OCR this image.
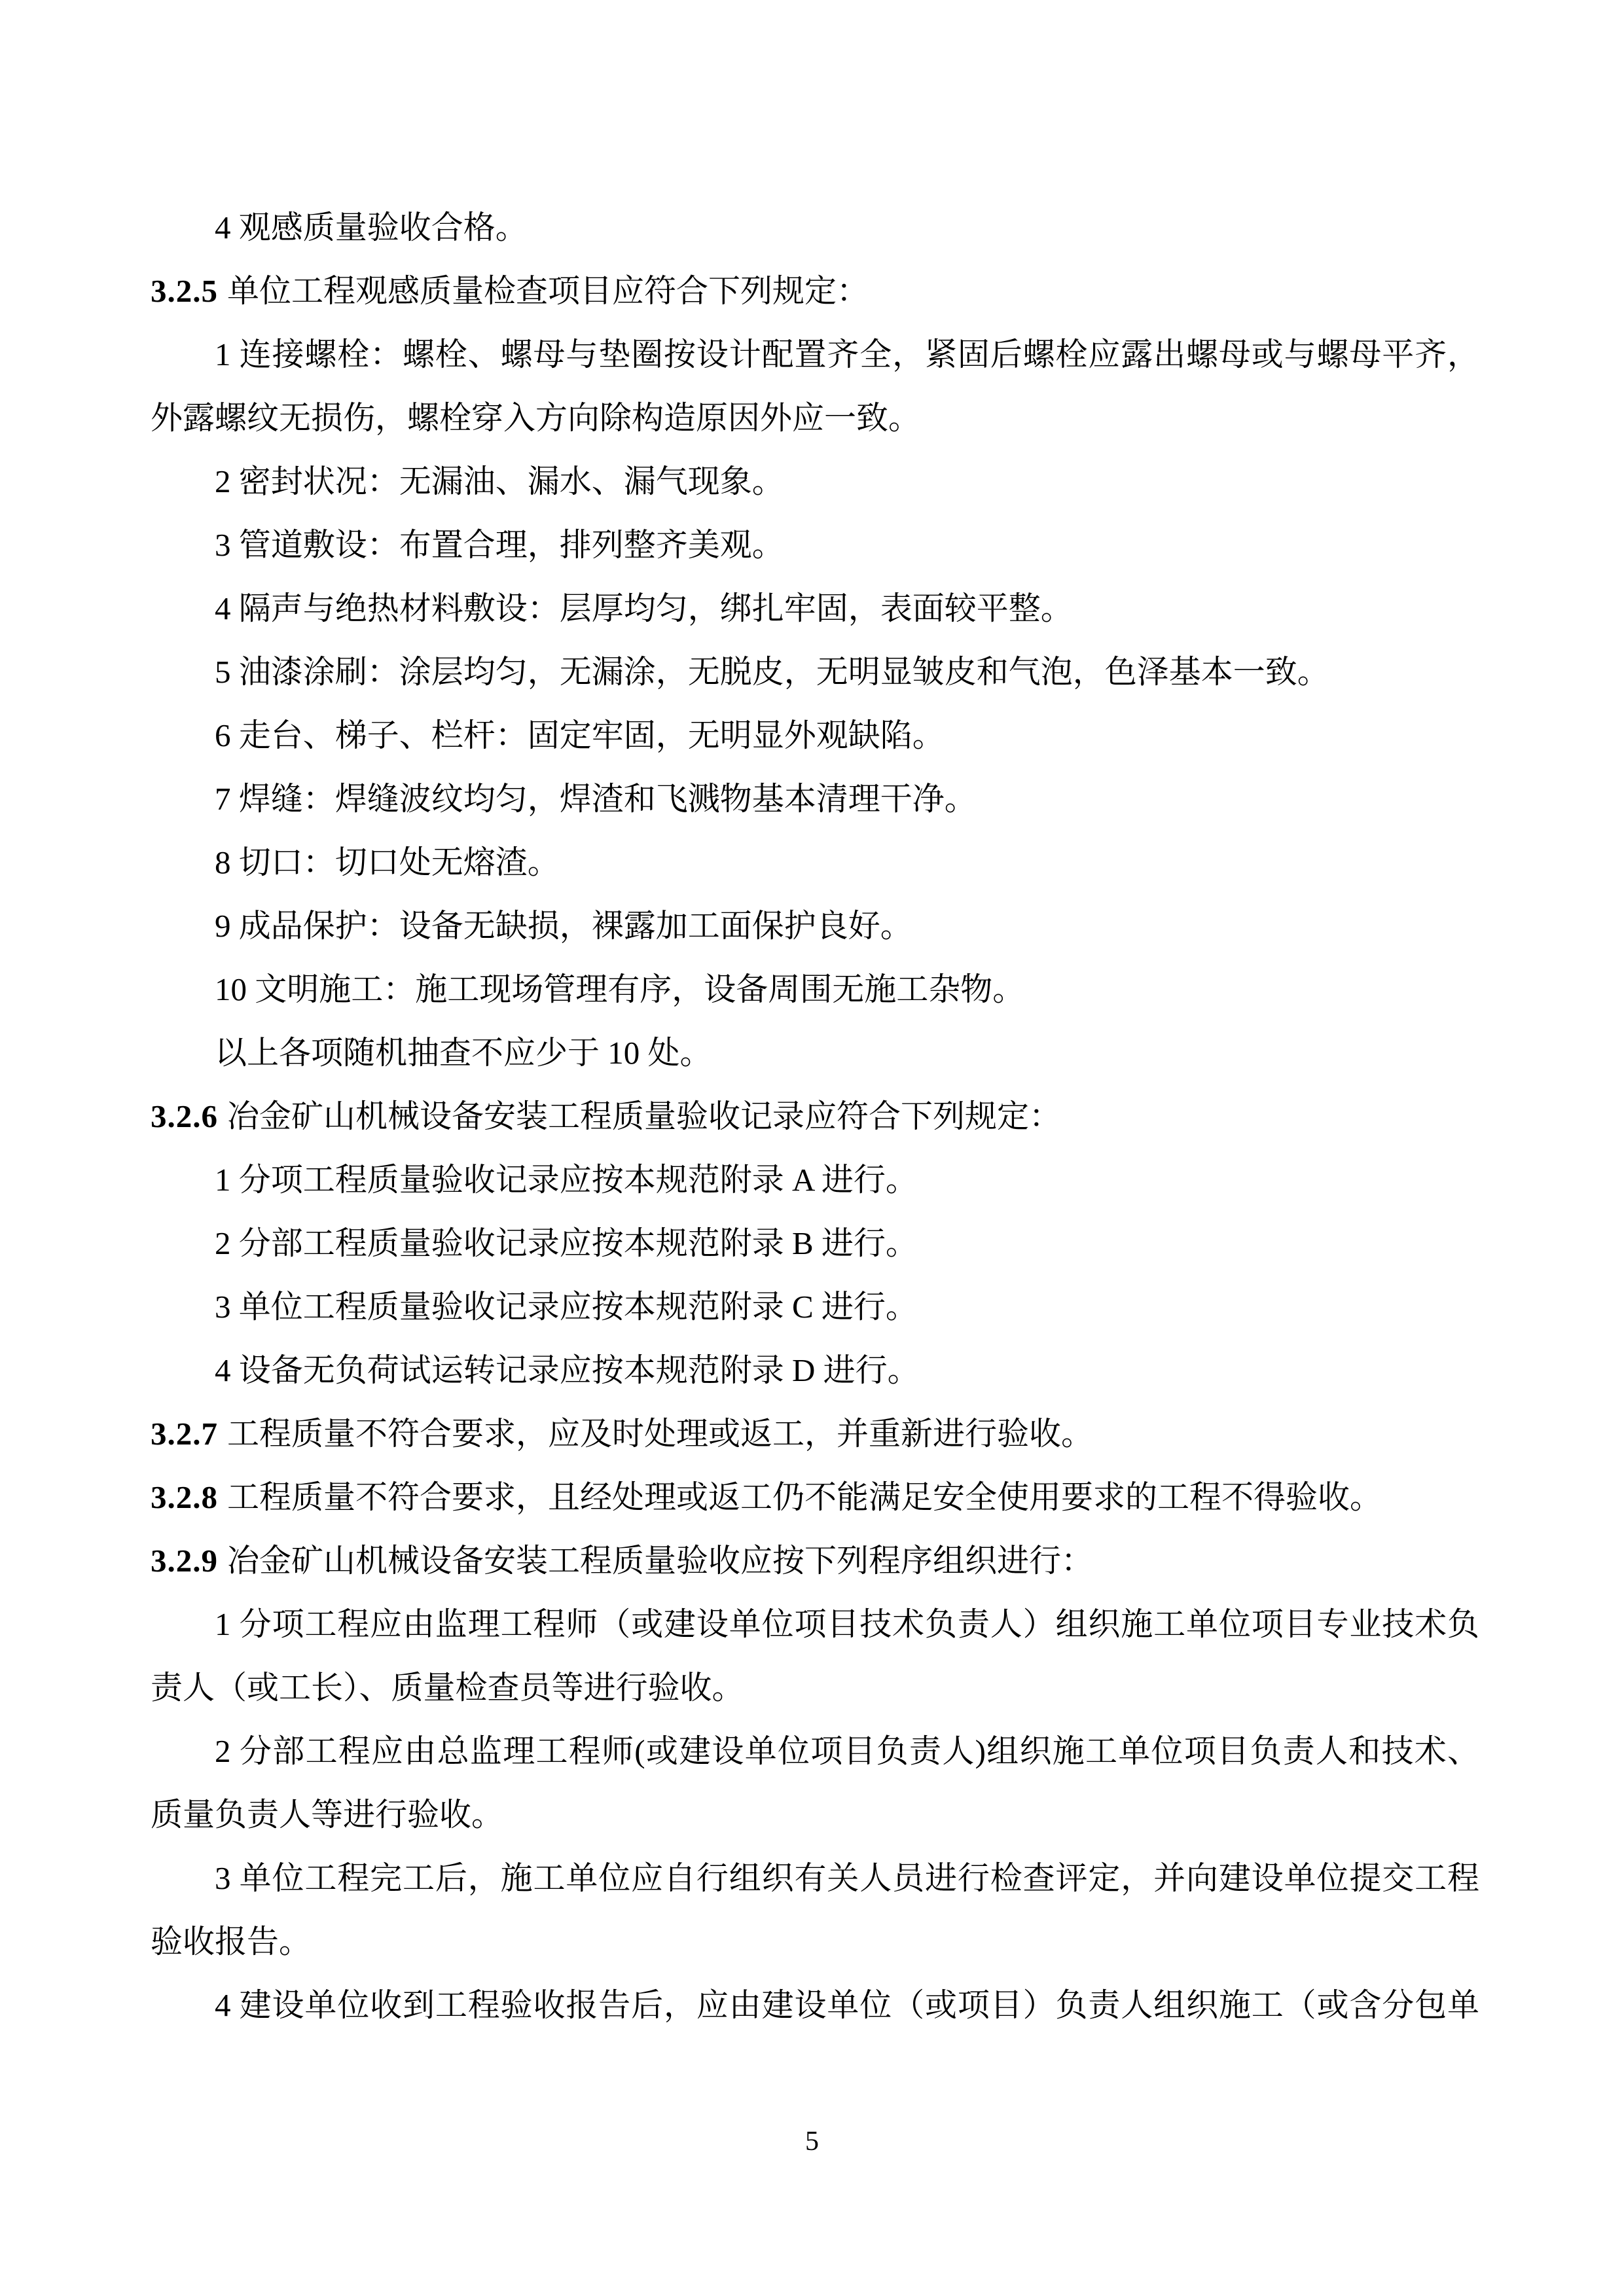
4 观感质量验收合格。

3.2.5 单位工程观感质量检查项目应符合下列规定：

1 连接螺栓：螺栓、螺母与垫圈按设计配置齐全，紧固后螺栓应露出螺母或与螺母平齐，

外露螺纹无损伤，螺栓穿入方向除构造原因外应一致。

2 密封状况：无漏油、漏水、漏气现象。

3 管道敷设：布置合理，排列整齐美观。

4 隔声与绝热材料敷设：层厚均匀，绑扎牢固，表面较平整。

5 油漆涂刷：涂层均匀，无漏涂，无脱皮，无明显皱皮和气泡，色泽基本一致。

6 走台、梯子、栏杆：固定牢固，无明显外观缺陷。

7 焊缝：焊缝波纹均匀，焊渣和飞溅物基本清理干净。

8 切口：切口处无熔渣。

9 成品保护：设备无缺损，裸露加工面保护良好。

10 文明施工：施工现场管理有序，设备周围无施工杂物。

以上各项随机抽查不应少于 10 处。

3.2.6 冶金矿山机械设备安装工程质量验收记录应符合下列规定：

1 分项工程质量验收记录应按本规范附录 A 进行。

2 分部工程质量验收记录应按本规范附录 B 进行。

3 单位工程质量验收记录应按本规范附录 C 进行。

4 设备无负荷试运转记录应按本规范附录 D 进行。

3.2.7 工程质量不符合要求，应及时处理或返工，并重新进行验收。

3.2.8 工程质量不符合要求，且经处理或返工仍不能满足安全使用要求的工程不得验收。

3.2.9 冶金矿山机械设备安装工程质量验收应按下列程序组织进行：

1 分项工程应由监理工程师（或建设单位项目技术负责人）组织施工单位项目专业技术负

责人（或工长）、质量检查员等进行验收。

2 分部工程应由总监理工程师(或建设单位项目负责人)组织施工单位项目负责人和技术、

质量负责人等进行验收。

3 单位工程完工后，施工单位应自行组织有关人员进行检查评定，并向建设单位提交工程

验收报告。

4 建设单位收到工程验收报告后，应由建设单位（或项目）负责人组织施工（或含分包单

5
